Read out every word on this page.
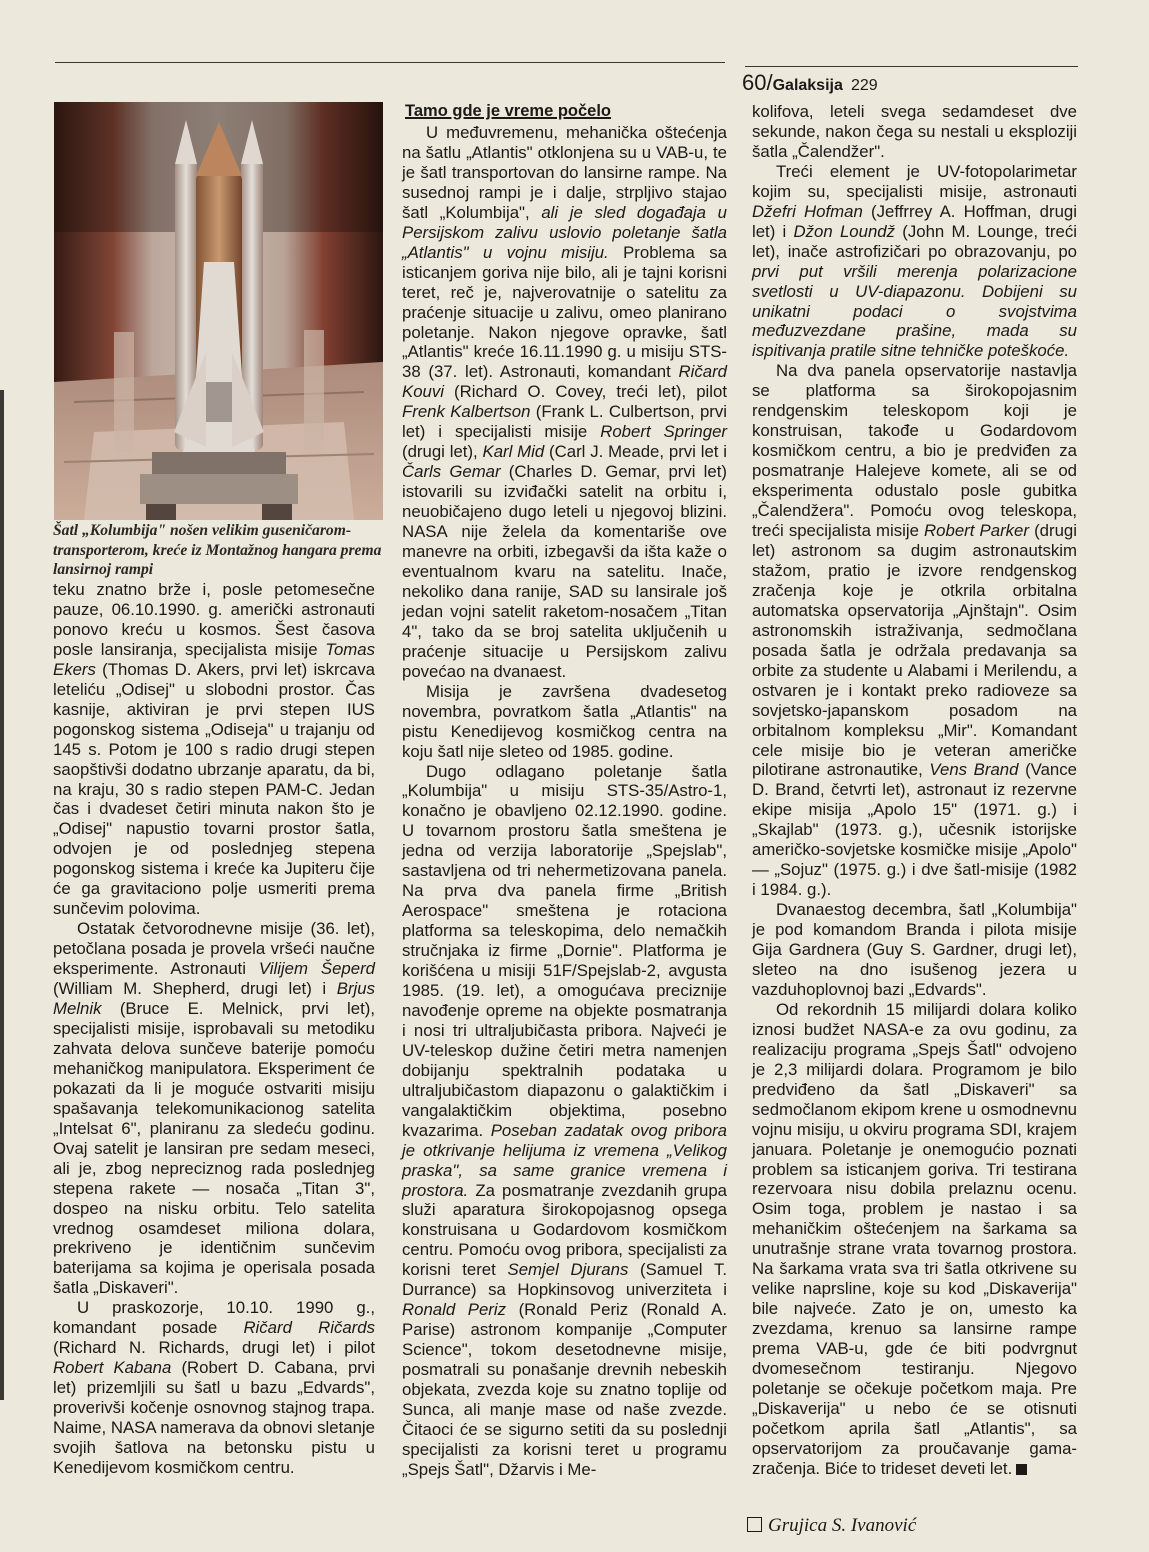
60/Galaksija 229
Šatl „Kolumbija" nošen velikim guseničarom-transporterom, kreće iz Montažnog hangara prema lansirnoj rampi

teku znatno brže i, posle petomesečne pauze, 06.10.1990. g. američki astronauti ponovo kreću u kosmos. Šest časova posle lansiranja, specijalista misije Tomas Ekers (Thomas D. Akers, prvi let) iskrcava leteliću „Odisej" u slobodni prostor. Čas kasnije, aktiviran je prvi stepen IUS pogonskog sistema „Odiseja" u trajanju od 145 s. Potom je 100 s radio drugi stepen saopštivši dodatno ubrzanje aparatu, da bi, na kraju, 30 s radio stepen PAM-C. Jedan čas i dvadeset četiri minuta nakon što je „Odisej" napustio tovarni prostor šatla, odvojen je od poslednjeg stepena pogonskog sistema i kreće ka Jupiteru čije će ga gravitaciono polje usmeriti prema sunčevim polovima.

Ostatak četvorodnevne misije (36. let), petočlana posada je provela vršeći naučne eksperimente. Astronauti Vilijem Šeperd (William M. Shepherd, drugi let) i Brjus Melnik (Bruce E. Melnick, prvi let), specijalisti misije, isprobavali su metodiku zahvata delova sunčeve baterije pomoću mehaničkog manipulatora. Eksperiment će pokazati da li je moguće ostvariti misiju spašavanja telekomunikacionog satelita „Intelsat 6", planiranu za sledeću godinu. Ovaj satelit je lansiran pre sedam meseci, ali je, zbog nepreciznog rada poslednjeg stepena rakete — nosača „Titan 3", dospeo na nisku orbitu. Telo satelita vrednog osamdeset miliona dolara, prekriveno je identičnim sunčevim baterijama sa kojima je operisala posada šatla „Diskaveri".

U praskozorje, 10.10. 1990 g., komandant posade Ričard Ričards (Richard N. Richards, drugi let) i pilot Robert Kabana (Robert D. Cabana, prvi let) prizemljili su šatl u bazu „Edvards", proverivši kočenje osnovnog stajnog trapa. Naime, NASA namerava da obnovi sletanje svojih šatlova na betonsku pistu u Kenedijevom kosmičkom centru.

Tamo gde je vreme počelo

U međuvremenu, mehanička oštećenja na šatlu „Atlantis" otklonjena su u VAB-u, te je šatl transportovan do lansirne rampe. Na susednoj rampi je i dalje, strpljivo stajao šatl „Kolumbija", ali je sled događaja u Persijskom zalivu uslovio poletanje šatla „Atlantis" u vojnu misiju. Problema sa isticanjem goriva nije bilo, ali je tajni korisni teret, reč je, najverovatnije o satelitu za praćenje situacije u zalivu, omeo planirano poletanje. Nakon njegove opravke, šatl „Atlantis" kreće 16.11.1990 g. u misiju STS-38 (37. let). Astronauti, komandant Ričard Kouvi (Richard O. Covey, treći let), pilot Frenk Kalbertson (Frank L. Culbertson, prvi let) i specijalisti misije Robert Springer (drugi let), Karl Mid (Carl J. Meade, prvi let i Čarls Gemar (Charles D. Gemar, prvi let) istovarili su izviđački satelit na orbitu i, neuobičajeno dugo leteli u njegovoj blizini. NASA nije želela da komentariše ove manevre na orbiti, izbegavši da išta kaže o eventualnom kvaru na satelitu. Inače, nekoliko dana ranije, SAD su lansirale još jedan vojni satelit raketom-nosačem „Titan 4", tako da se broj satelita uključenih u praćenje situacije u Persijskom zalivu povećao na dvanaest.

Misija je završena dvadesetog novembra, povratkom šatla „Atlantis" na pistu Kenedijevog kosmičkog centra na koju šatl nije sleteo od 1985. godine.

Dugo odlagano poletanje šatla „Kolumbija" u misiju STS-35/Astro-1, konačno je obavljeno 02.12.1990. godine. U tovarnom prostoru šatla smeštena je jedna od verzija laboratorije „Spejslab", sastavljena od tri nehermetizovana panela. Na prva dva panela firme „British Aerospace" smeštena je rotaciona platforma sa teleskopima, delo nemačkih stručnjaka iz firme „Dornie". Platforma je korišćena u misiji 51F/Spejslab-2, avgusta 1985. (19. let), a omogućava precizniје navođenje opreme na objekte posmatranja i nosi tri ultraljubičasta pribora. Najveći je UV-teleskop dužine četiri metra namenjen dobijanju spektralnih podataka u ultraljubičastom diapazonu o galaktičkim i vangalaktičkim objektima, posebno kvazarima. Poseban zadatak ovog pribora je otkrivanje helijuma iz vremena „Velikog praska", sa same granice vremena i prostora. Za posmatranje zvezdanih grupa služi aparatura širokopojasnog opsega konstruisana u Godardovom kosmičkom centru. Pomoću ovog pribora, specijalisti za korisni teret Semjel Djurans (Samuel T. Durrance) sa Hopkinsovog univerziteta i Ronald Periz (Ronald Periz (Ronald A. Parise) astronom kompanije „Computer Science", tokom desetodnevne misije, posmatrali su ponašanje drevnih nebeskih objekata, zvezda koje su znatno toplije od Sunca, ali manje mase od naše zvezde. Čitaoci će se sigurno setiti da su poslednji specijalisti za korisni teret u programu „Spejs Šatl", Džarvis i Me-

kolifova, leteli svega sedamdeset dve sekunde, nakon čega su nestali u eksploziji šatla „Čalendžer".

Treći element je UV-fotopolarimetar kojim su, specijalisti misije, astronauti Džefri Hofman (Jeffrrey A. Hoffman, drugi let) i Džon Loundž (John M. Lounge, treći let), inače astrofizičari po obrazovanju, po prvi put vršili merenja polarizacione svetlosti u UV-diapazonu. Dobijeni su unikatni podaci o svojstvima međuzvezdane prašine, mada su ispitivanja pratile sitne tehničke poteškoće.

Na dva panela opservatorije nastavlja se platforma sa širokopojasnim rendgenskim teleskopom koji je konstruisan, takođe u Godardovom kosmičkom centru, a bio je predviđen za posmatranje Halejeve komete, ali se od eksperimenta odustalo posle gubitka „Čalendžera". Pomoću ovog teleskopa, treći specijalista misije Robert Parker (drugi let) astronom sa dugim astronautskim stažom, pratio je izvore rendgenskog zračenja koje je otkrila orbitalna automatska opservatorija „Ajnštajn". Osim astronomskih istraživanja, sedmočlana posada šatla je održala predavanja sa orbite za studente u Alabami i Merilendu, a ostvaren je i kontakt preko radioveze sa sovjetsko-japanskom posadom na orbitalnom kompleksu „Mir". Komandant cele misije bio je veteran američke pilotiranе astronautike, Vens Brand (Vance D. Brand, četvrti let), astronaut iz rezervne ekipe misija „Apolo 15" (1971. g.) i „Skajlab" (1973. g.), učesnik istorijske američko-sovjetske kosmičke misije „Apolo" — „Sojuz" (1975. g.) i dve šatl-misije (1982 i 1984. g.).

Dvanaestog decembra, šatl „Kolumbija" je pod komandom Branda i pilota misije Gija Gardnera (Guy S. Gardner, drugi let), sleteo na dno isušenog jezera u vazduhoplovnoj bazi „Edvards".

Od rekordnih 15 milijardi dolara koliko iznosi budžet NASA-e za ovu godinu, za realizaciju programa „Spejs Šatl" odvojeno je 2,3 milijardi dolara. Programom je bilo predviđeno da šatl „Diskaveri" sa sedmočlanom ekipom krene u osmodnevnu vojnu misiju, u okviru programa SDI, krajem januara. Poletanje je onemogućio poznati problem sa isticanjem goriva. Tri testirana rezervoara nisu dobila prelaznu ocenu. Osim toga, problem je nastao i sa mehaničkim oštećenjem na šarkama sa unutrašnje strane vrata tovarnog prostora. Na šarkama vrata sva tri šatla otkrivene su velike naprsline, koje su kod „Diskaverija" bile najveće. Zato je on, umesto ka zvezdama, krenuo sa lansirne rampe prema VAB-u, gde će biti podvrgnut dvomesečnom testiranju. Njegovo poletanje se očekuje početkom maja. Pre „Diskaverija" u nebo će se otisnuti početkom aprila šatl „Atlantis", sa opservatorijom za proučavanje gama-zračenja. Biće to trideset deveti let.

Grujica S. Ivanović
